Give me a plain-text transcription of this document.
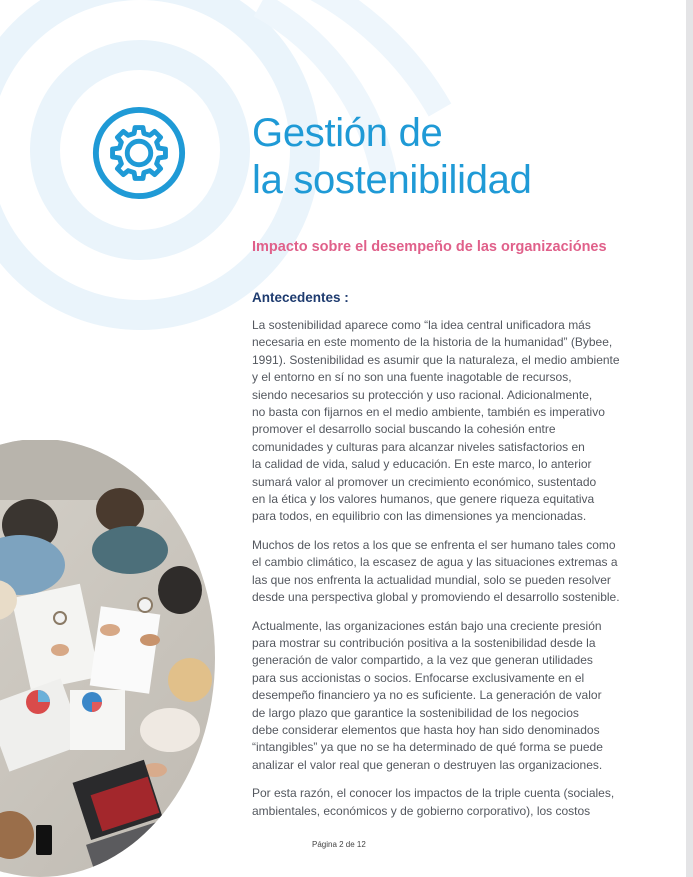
Gestión de
la sostenibilidad
Impacto sobre el desempeño de las organizaciónes
Antecedentes :

La sostenibilidad aparece como “la idea central unificadora más
necesaria en este momento de la historia de la humanidad” (Bybee,
1991). Sostenibilidad es asumir que la naturaleza, el medio ambiente
y el entorno en sí no son una fuente inagotable de recursos,
siendo necesarios su protección y uso racional. Adicionalmente,
no basta con fijarnos en el medio ambiente, también es imperativo
promover el desarrollo social buscando la cohesión entre
comunidades y culturas para alcanzar niveles satisfactorios en
la calidad de vida, salud y educación. En este marco, lo anterior
sumará valor al promover un crecimiento económico, sustentado
en la ética y los valores humanos, que genere riqueza equitativa
para todos, en equilibrio con las dimensiones ya mencionadas.

Muchos de los retos a los que se enfrenta el ser humano tales como
el cambio climático, la escasez de agua y las situaciones extremas a
las que nos enfrenta la actualidad mundial, solo se pueden resolver
desde una perspectiva global y promoviendo el desarrollo sostenible.

Actualmente, las organizaciones están bajo una creciente presión
para mostrar su contribución positiva a la sostenibilidad desde la
generación de valor compartido, a la vez que generan utilidades
para sus accionistas o socios. Enfocarse exclusivamente en el
desempeño financiero ya no es suficiente. La generación de valor
de largo plazo que garantice la sostenibilidad de los negocios
debe considerar elementos que hasta hoy han sido denominados
“intangibles” ya que no se ha determinado de qué forma se puede
analizar el valor real que generan o destruyen las organizaciones.

Por esta razón, el conocer los impactos de la triple cuenta (sociales,
ambientales, económicos y de gobierno corporativo), los costos

Página 2 de 12
